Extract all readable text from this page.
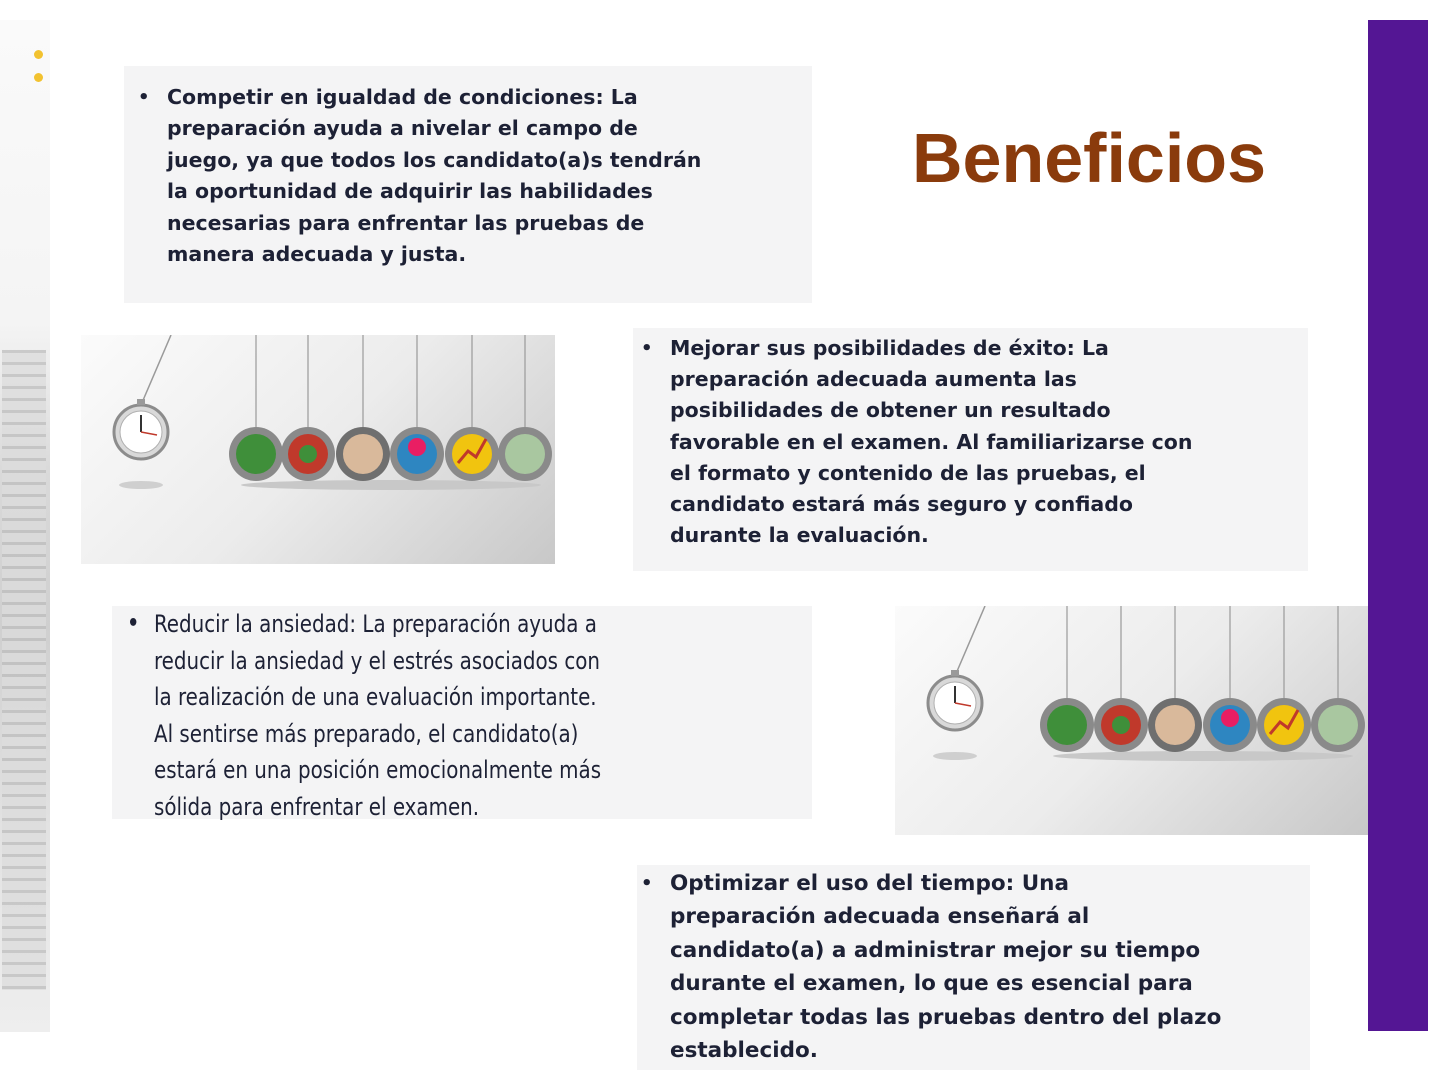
Beneficios
• Competir en igualdad de condiciones: La
preparación ayuda a nivelar el campo de
juego, ya que todos los candidato(a)s tendrán
la oportunidad de adquirir las habilidades
necesarias para enfrentar las pruebas de
manera adecuada y justa.
• Mejorar sus posibilidades de éxito: La
preparación adecuada aumenta las
posibilidades de obtener un resultado
favorable en el examen. Al familiarizarse con
el formato y contenido de las pruebas, el
candidato estará más seguro y confiado
durante la evaluación.
• Reducir la ansiedad: La preparación ayuda a
reducir la ansiedad y el estrés asociados con
la realización de una evaluación importante.
Al sentirse más preparado, el candidato(a)
estará en una posición emocionalmente más
sólida para enfrentar el examen.
• Optimizar el uso del tiempo: Una
preparación adecuada enseñará al
candidato(a) a administrar mejor su tiempo
durante el examen, lo que es esencial para
completar todas las pruebas dentro del plazo
establecido.
